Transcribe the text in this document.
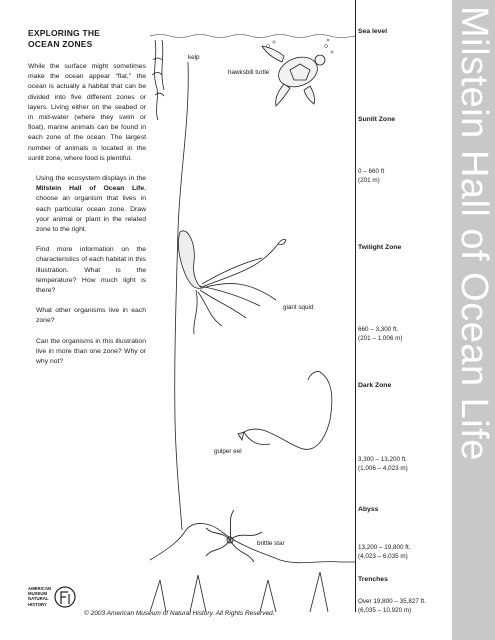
EXPLORING THE
OCEAN ZONES

While the surface might sometimes make the ocean appear “flat,” the ocean is actually a habitat that can be divided into five different zones or layers. Living either on the seabed or in mid-water (where they swim or float), marine animals can be found in each zone of the ocean. The largest number of animals is located in the sunlit zone, where food is plentiful.

Using the ecosystem displays in the Milstein Hall of Ocean Life, choose an organism that lives in each particular ocean zone. Draw your animal or plant in the related zone to the right.

Find more information on the characteristics of each habitat in this illustration. What is the temperature? How much light is there?

What other organisms live in each zone?

Can the organisms in this illustration live in more than one zone? Why or why not?

kelp
hawksbill turtle
giant squid
gulper eel
brittle star
Sea level
Sunlit Zone
0 – 660 ft
(201 m)
Twilight Zone
660 – 3,300 ft.
(201 – 1,006 m)
Dark Zone
3,300 – 13,200 ft.
(1,006 – 4,023 m)
Abyss
13,200 – 19,800 ft.
(4,023 – 6,035 m)
Trenches
Over 19,800 – 35,827 ft.
(6,035 – 10,920 m)
Milstein Hall of Ocean Life
AMERICAN
MUSEUM
NATURAL
HISTORY
© 2003 American Museum of Natural History. All Rights Reserved.
